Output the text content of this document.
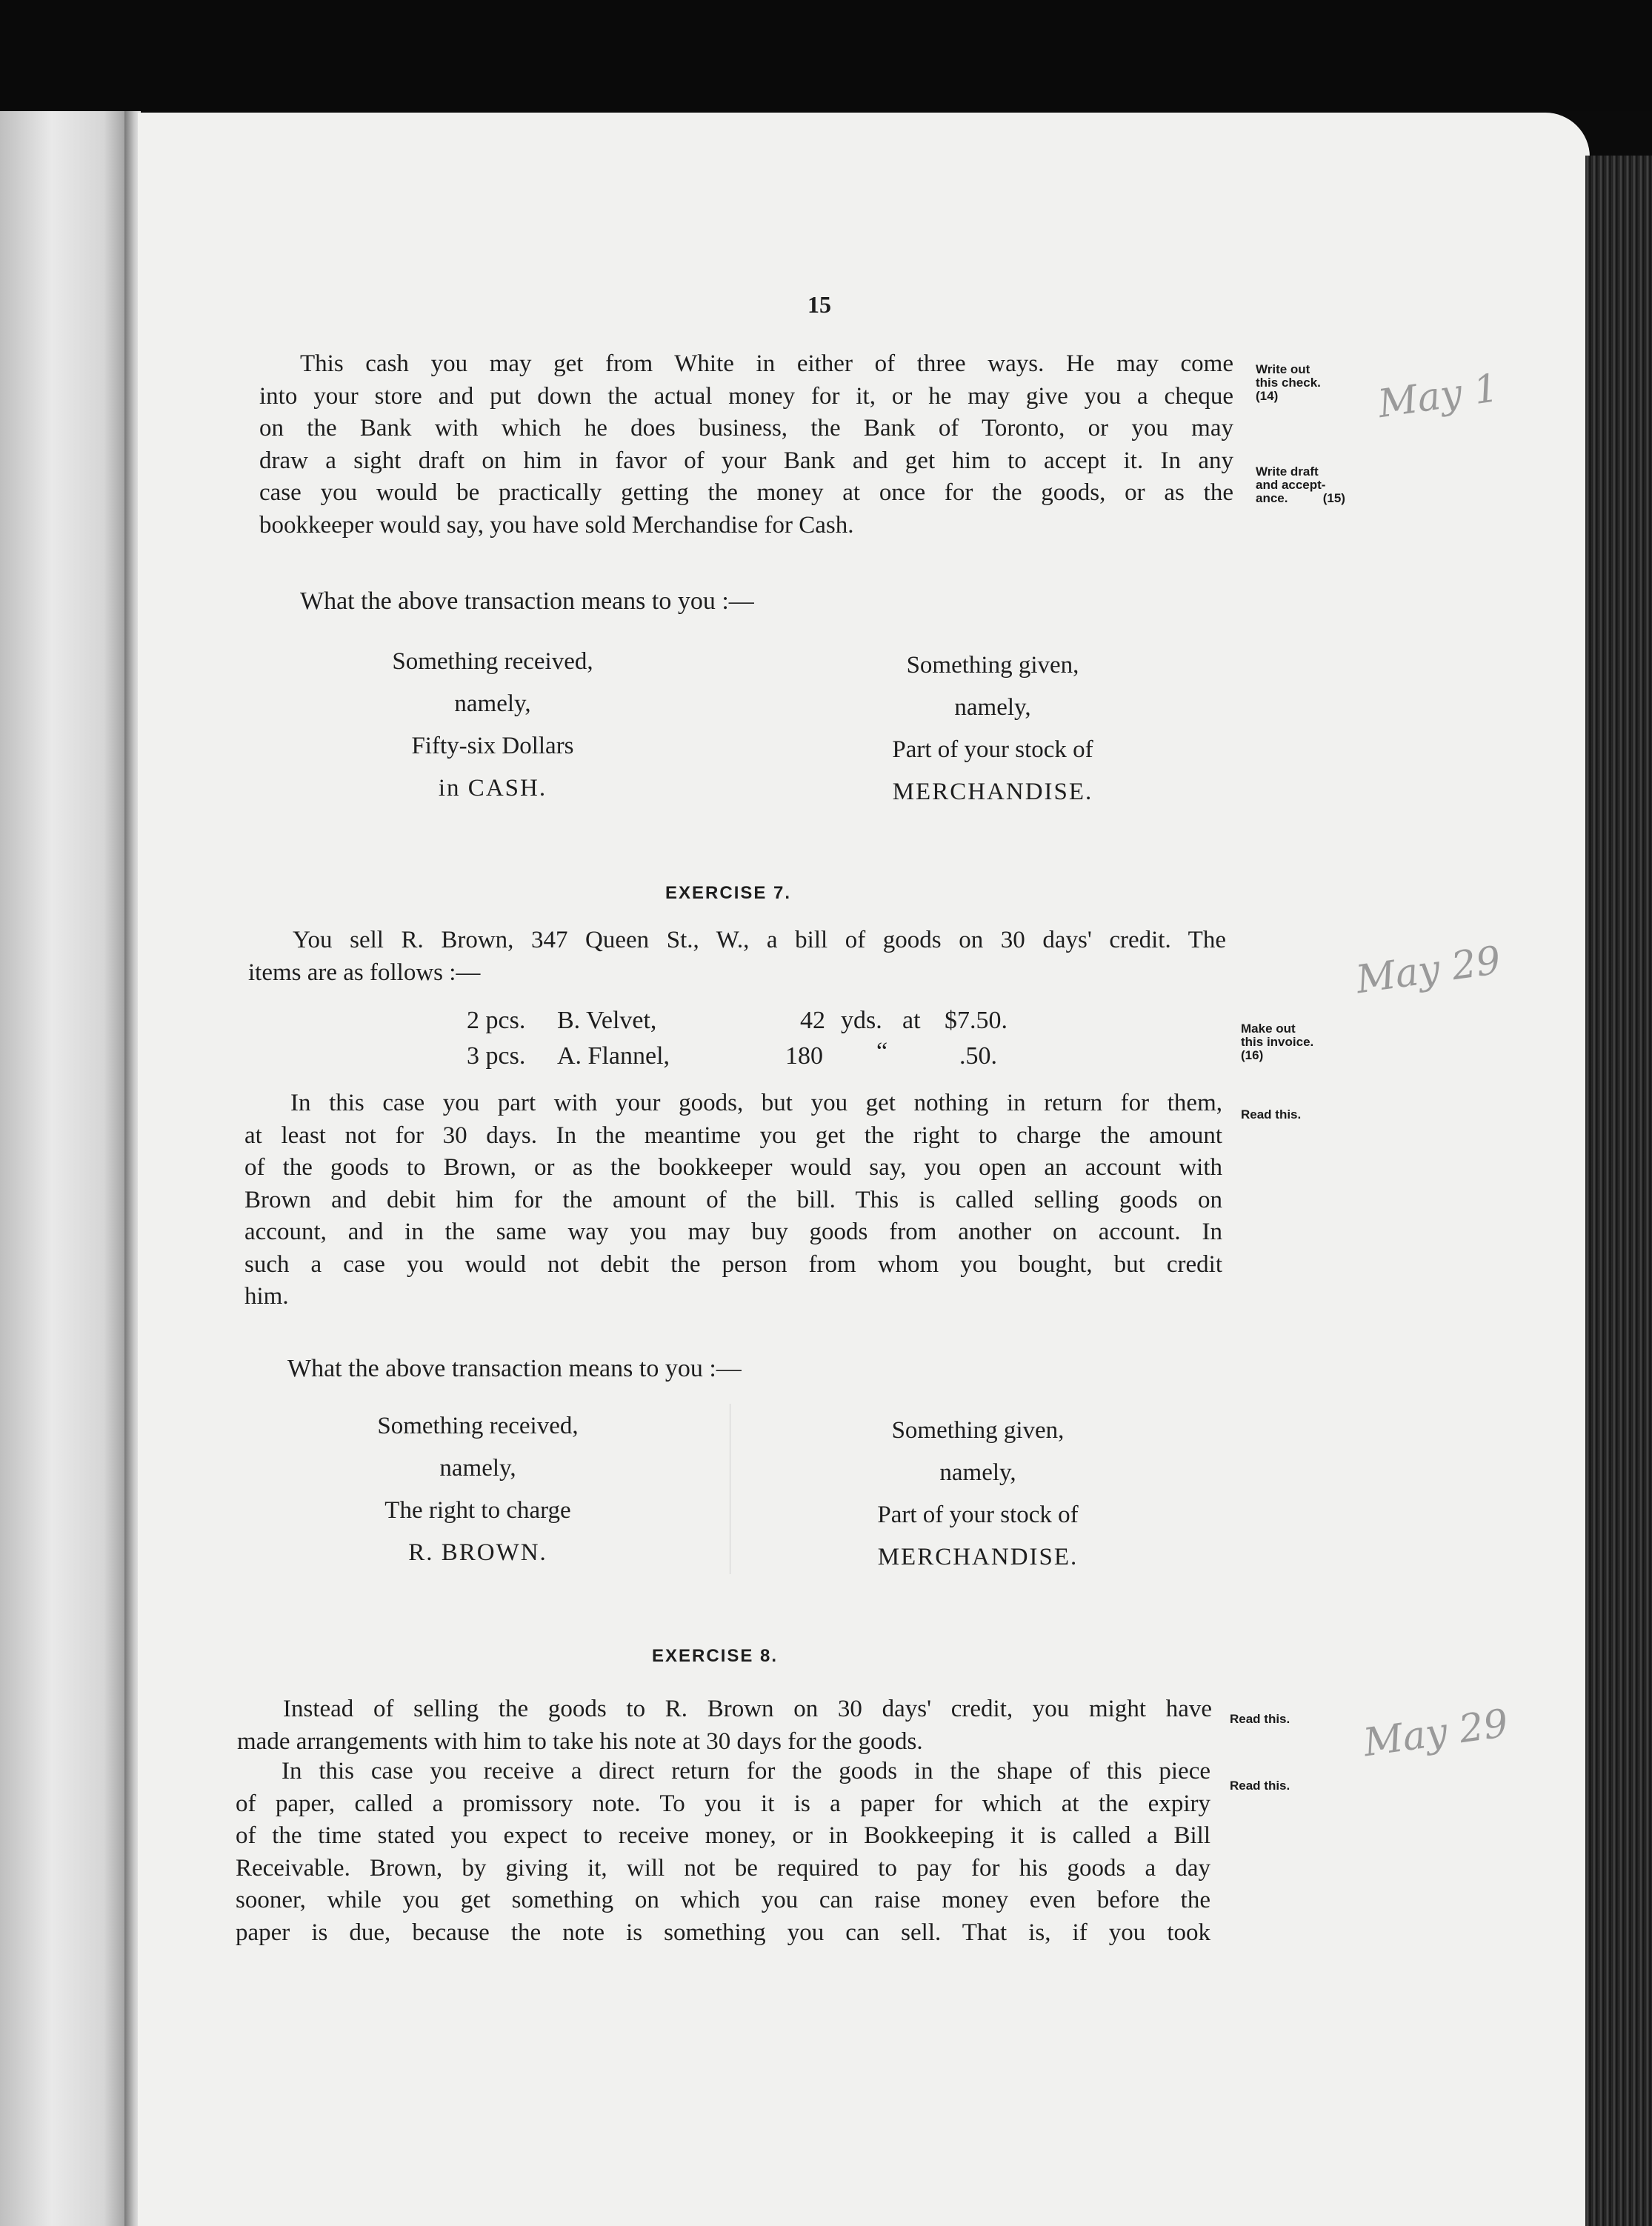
15
This cash you may get from White in either of three ways. He may come
into your store and put down the actual money for it, or he may give you a cheque
on the Bank with which he does business, the Bank of Toronto, or you may
draw a sight draft on him in favor of your Bank and get him to accept it. In any
case you would be practically getting the money at once for the goods, or as the
bookkeeper would say, you have sold Merchandise for Cash.
Write out
this check.
(14)
Write draft
and accept-
ance.          (15)
What the above transaction means to you :—
Something received,
namely,
Fifty-six Dollars
in CASH.
Something given,
namely,
Part of your stock of
MERCHANDISE.
EXERCISE 7.
You sell R. Brown, 347 Queen St., W., a bill of goods on 30 days' credit. The
items are as follows :—
2 pcs. B. Velvet,	42 yds. at $7.50.
3 pcs. A. Flannel,	180 “	.50.
Make out
this invoice.
(16)
In this case you part with your goods, but you get nothing in return for them,
at least not for 30 days. In the meantime you get the right to charge the amount
of the goods to Brown, or as the bookkeeper would say, you open an account with
Brown and debit him for the amount of the bill. This is called selling goods on
account, and in the same way you may buy goods from another on account. In
such a case you would not debit the person from whom you bought, but credit
him.
Read this.
What the above transaction means to you :—
Something received,
namely,
The right to charge
R. BROWN.
Something given,
namely,
Part of your stock of
MERCHANDISE.
EXERCISE 8.
Instead of selling the goods to R. Brown on 30 days' credit, you might have
made arrangements with him to take his note at 30 days for the goods.
Read this.
In this case you receive a direct return for the goods in the shape of this piece
of paper, called a promissory note. To you it is a paper for which at the expiry
of the time stated you expect to receive money, or in Bookkeeping it is called a Bill
Receivable. Brown, by giving it, will not be required to pay for his goods a day
sooner, while you get something on which you can raise money even before the
paper is due, because the note is something you can sell. That is, if you took
Read this.
May 1
May 29
May 29
